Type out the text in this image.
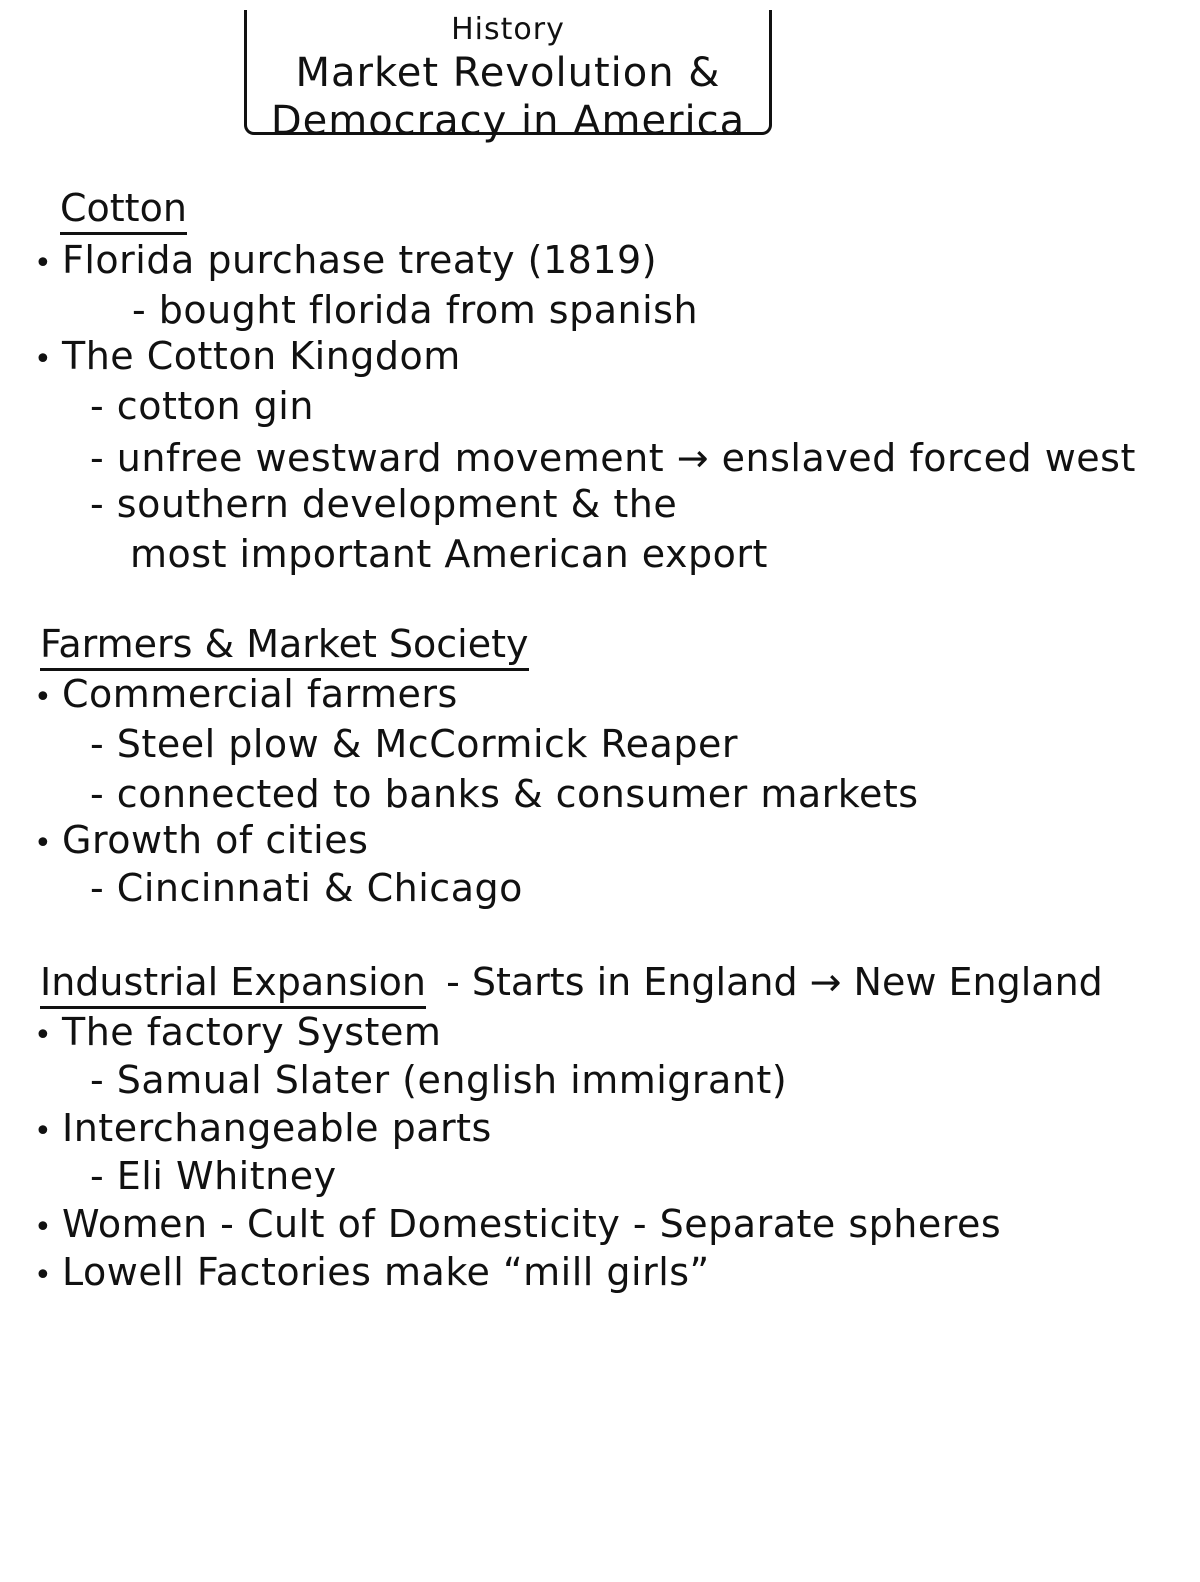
History
Market Revolution &
Democracy in America
Cotton
• Florida purchase treaty (1819)
- bought florida from spanish
• The Cotton Kingdom
- cotton gin
- unfree westward movement → enslaved forced west
- southern development & the
most important American export
Farmers & Market Society
• Commercial farmers
- Steel plow & McCormick Reaper
- connected to banks & consumer markets
• Growth of cities
- Cincinnati & Chicago
Industrial Expansion - Starts in England → New England
• The factory System
- Samual Slater (english immigrant)
• Interchangeable parts
- Eli Whitney
• Women - Cult of Domesticity - Separate spheres
• Lowell Factories make “mill girls”
